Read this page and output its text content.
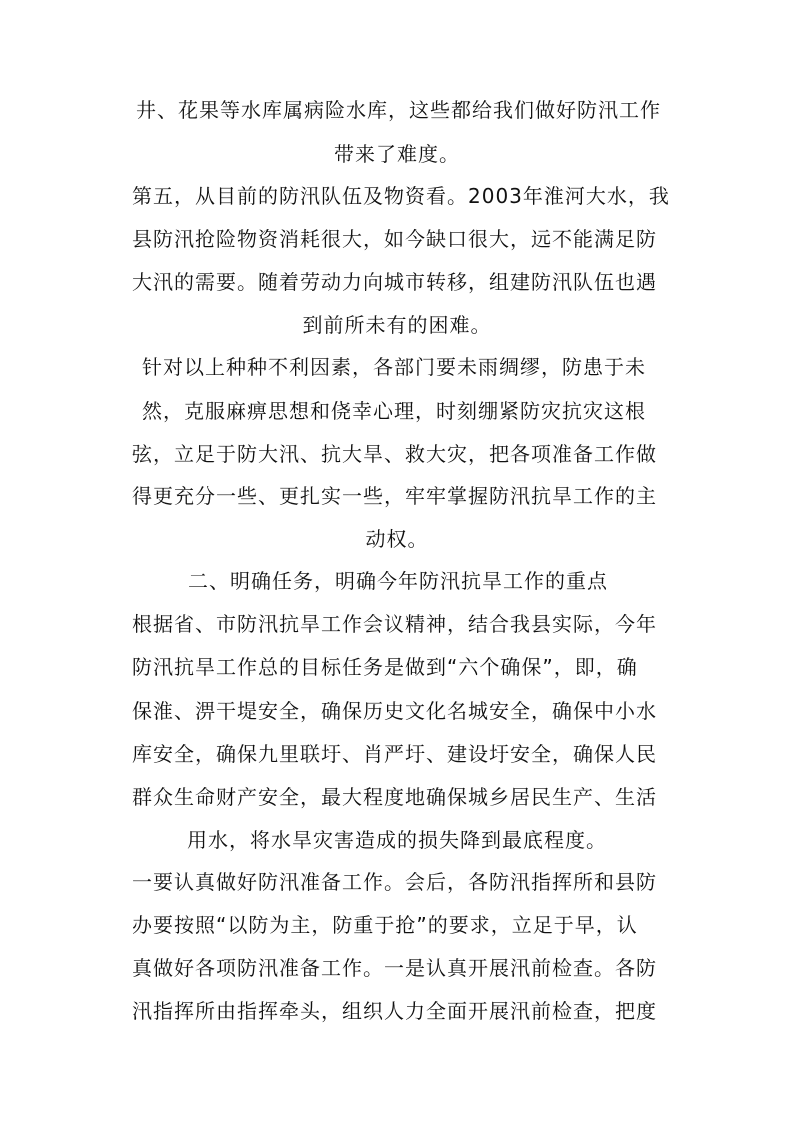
井、花果等水库属病险水库，这些都给我们做好防汛工作
带来了难度。
第五，从目前的防汛队伍及物资看。2003年淮河大水，我
县防汛抢险物资消耗很大，如今缺口很大，远不能满足防
大汛的需要。随着劳动力向城市转移，组建防汛队伍也遇
到前所未有的困难。
针对以上种种不利因素，各部门要未雨绸缪，防患于未
然，克服麻痹思想和侥幸心理，时刻绷紧防灾抗灾这根
弦，立足于防大汛、抗大旱、救大灾，把各项准备工作做
得更充分一些、更扎实一些，牢牢掌握防汛抗旱工作的主
动权。
二、明确任务，明确今年防汛抗旱工作的重点
根据省、市防汛抗旱工作会议精神，结合我县实际，今年
防汛抗旱工作总的目标任务是做到“六个确保”，即，确
保淮、淠干堤安全，确保历史文化名城安全，确保中小水
库安全，确保九里联圩、肖严圩、建设圩安全，确保人民
群众生命财产安全，最大程度地确保城乡居民生产、生活
用水，将水旱灾害造成的损失降到最底程度。
一要认真做好防汛准备工作。会后，各防汛指挥所和县防
办要按照“以防为主，防重于抢”的要求，立足于早，认
真做好各项防汛准备工作。一是认真开展汛前检查。各防
汛指挥所由指挥牵头，组织人力全面开展汛前检查，把度
